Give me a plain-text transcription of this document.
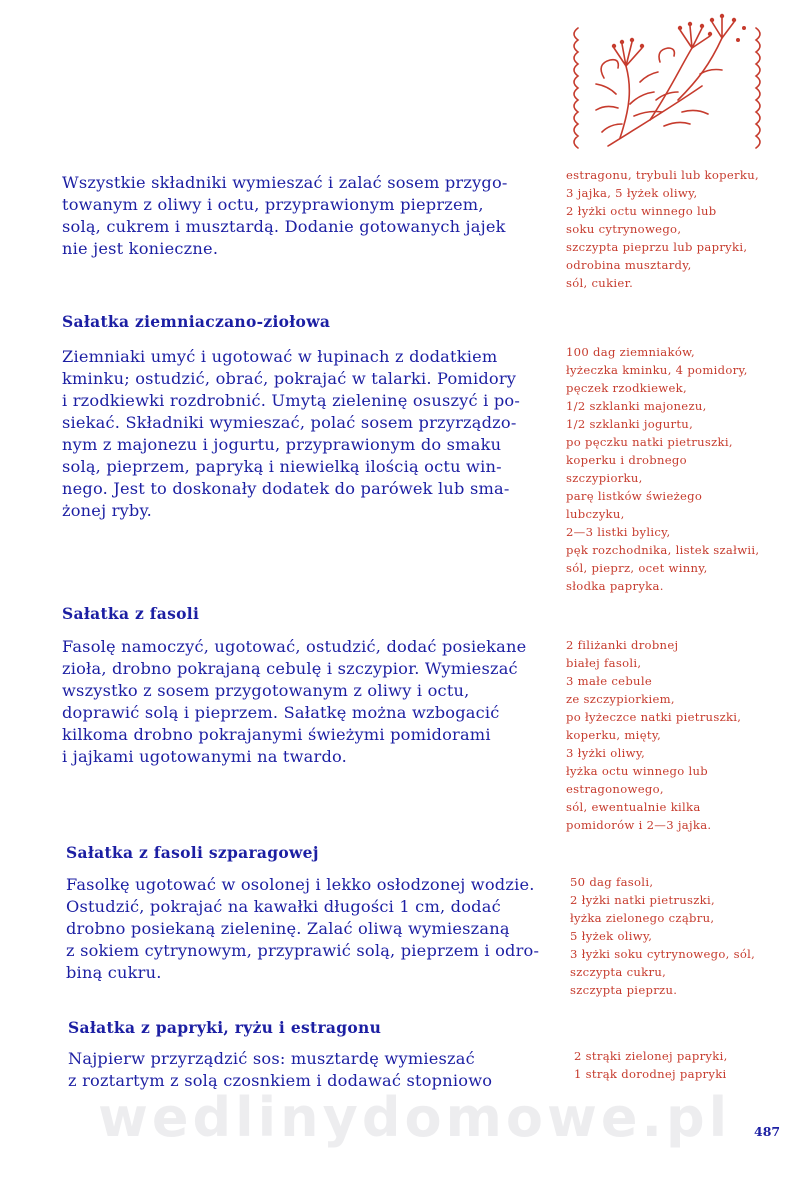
Wszystkie składniki wymieszać i zalać sosem przygo-
towanym z oliwy i octu, przyprawionym pieprzem,
solą, cukrem i musztardą. Dodanie gotowanych jajek
nie jest konieczne.
estragonu, trybuli lub koperku,
3 jajka, 5 łyżek oliwy,
2 łyżki octu winnego lub
soku cytrynowego,
szczypta pieprzu lub papryki,
odrobina musztardy,
sól, cukier.
Sałatka ziemniaczano-ziołowa
Ziemniaki umyć i ugotować w łupinach z dodatkiem
kminku; ostudzić, obrać, pokrajać w talarki. Pomidory
i rzodkiewki rozdrobnić. Umytą zieleninę osuszyć i po-
siekać. Składniki wymieszać, polać sosem przyrządzo-
nym z majonezu i jogurtu, przyprawionym do smaku
solą, pieprzem, papryką i niewielką ilością octu win-
nego. Jest to doskonały dodatek do parówek lub sma-
żonej ryby.
100 dag ziemniaków,
łyżeczka kminku, 4 pomidory,
pęczek rzodkiewek,
1/2 szklanki majonezu,
1/2 szklanki jogurtu,
po pęczku natki pietruszki,
koperku i drobnego
szczypiorku,
parę listków świeżego
lubczyku,
2—3 listki bylicy,
pęk rozchodnika, listek szałwii,
sól, pieprz, ocet winny,
słodka papryka.
Sałatka z fasoli
Fasolę namoczyć, ugotować, ostudzić, dodać posiekane
zioła, drobno pokrajaną cebulę i szczypior. Wymieszać
wszystko z sosem przygotowanym z oliwy i octu,
doprawić solą i pieprzem. Sałatkę można wzbogacić
kilkoma drobno pokrajanymi świeżymi pomidorami
i jajkami ugotowanymi na twardo.
2 filiżanki drobnej
białej fasoli,
3 małe cebule
ze szczypiorkiem,
po łyżeczce natki pietruszki,
koperku, mięty,
3 łyżki oliwy,
łyżka octu winnego lub
estragonowego,
sól, ewentualnie kilka
pomidorów i 2—3 jajka.
Sałatka z fasoli szparagowej
Fasolkę ugotować w osolonej i lekko osłodzonej wodzie.
Ostudzić, pokrajać na kawałki długości 1 cm, dodać
drobno posiekaną zieleninę. Zalać oliwą wymieszaną
z sokiem cytrynowym, przyprawić solą, pieprzem i odro-
biną cukru.
50 dag fasoli,
2 łyżki natki pietruszki,
łyżka zielonego cząbru,
5 łyżek oliwy,
3 łyżki soku cytrynowego, sól,
szczypta cukru,
szczypta pieprzu.
Sałatka z papryki, ryżu i estragonu
Najpierw przyrządzić sos: musztardę wymieszać
z roztartym z solą czosnkiem i dodawać stopniowo
2 strąki zielonej papryki,
1 strąk dorodnej papryki
wedlinydomowe.pl	487
